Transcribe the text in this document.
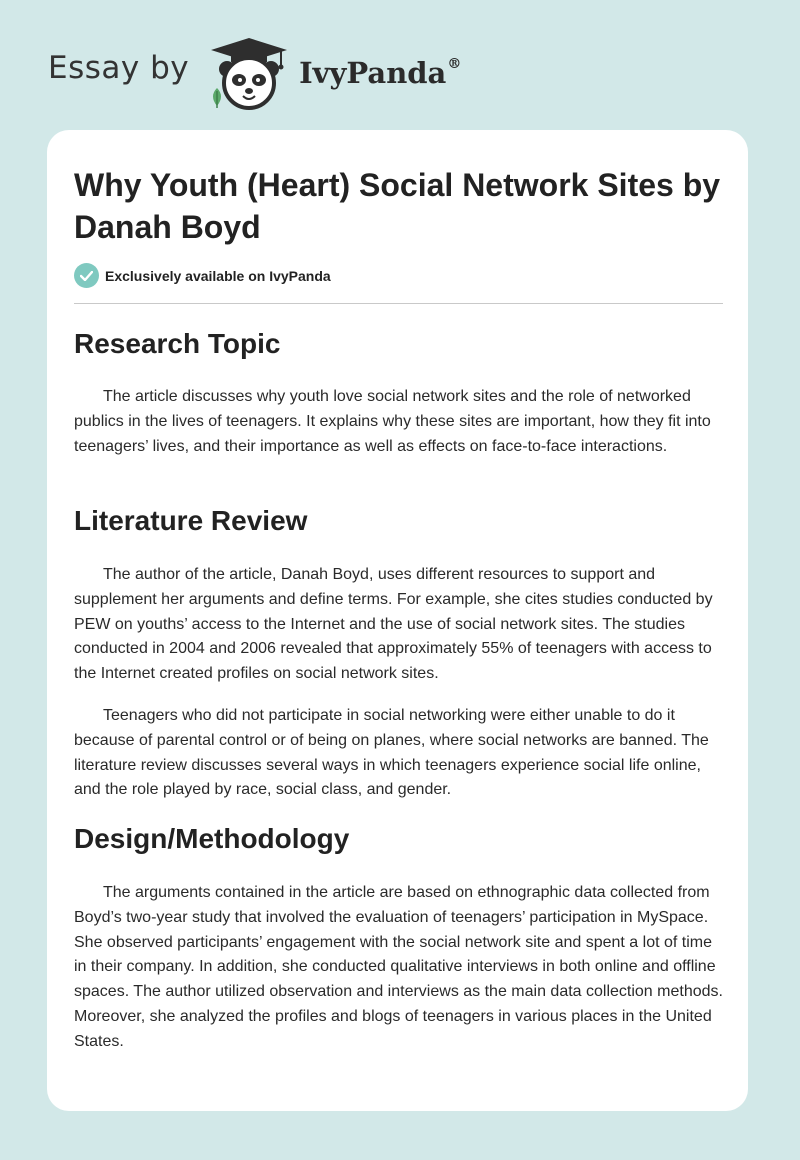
Essay by	IvyPanda®
Why Youth (Heart) Social Network Sites by Danah Boyd
Exclusively available on IvyPanda
Research Topic

The article discusses why youth love social network sites and the role of networked publics in the lives of teenagers. It explains why these sites are important, how they fit into teenagers’ lives, and their importance as well as effects on face-to-face interactions.

Literature Review

The author of the article, Danah Boyd, uses different resources to support and supplement her arguments and define terms. For example, she cites studies conducted by PEW on youths’ access to the Internet and the use of social network sites. The studies conducted in 2004 and 2006 revealed that approximately 55% of teenagers with access to the Internet created profiles on social network sites.

Teenagers who did not participate in social networking were either unable to do it because of parental control or of being on planes, where social networks are banned. The literature review discusses several ways in which teenagers experience social life online, and the role played by race, social class, and gender.

Design/Methodology

The arguments contained in the article are based on ethnographic data collected from Boyd’s two-year study that involved the evaluation of teenagers’ participation in MySpace. She observed participants’ engagement with the social network site and spent a lot of time in their company. In addition, she conducted qualitative interviews in both online and offline spaces. The author utilized observation and interviews as the main data collection methods. Moreover, she analyzed the profiles and blogs of teenagers in various places in the United States.
